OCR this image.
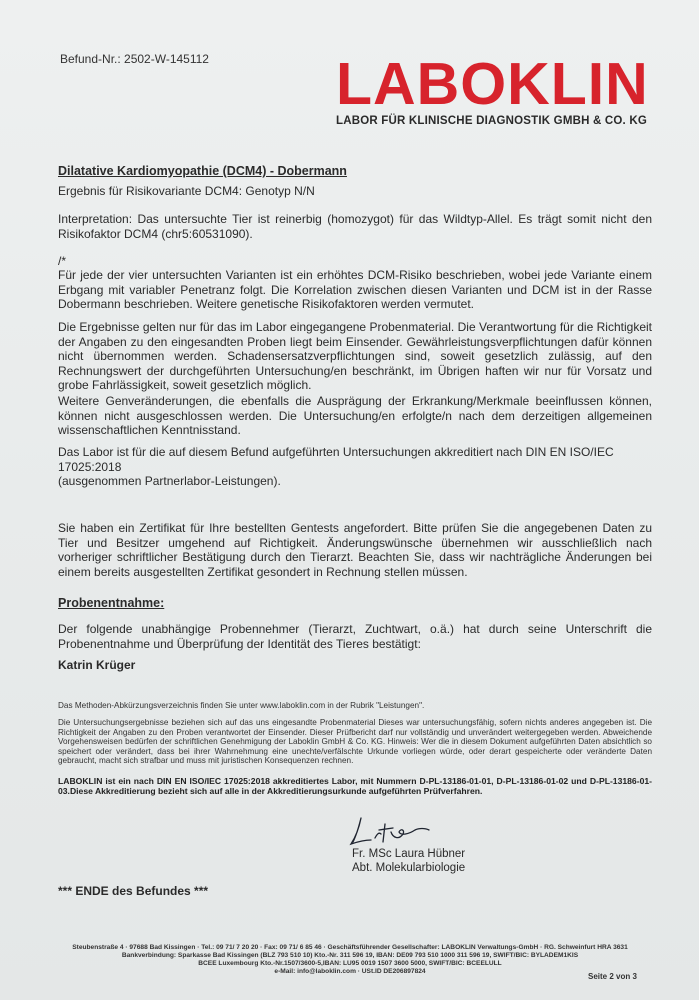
Befund-Nr.: 2502-W-145112 LABOKLIN
LABOR FÜR KLINISCHE DIAGNOSTIK GMBH & CO. KG
Dilatative Kardiomyopathie (DCM4) - Dobermann
Ergebnis für Risikovariante DCM4: Genotyp N/N
Interpretation: Das untersuchte Tier ist reinerbig (homozygot) für das Wildtyp-Allel. Es trägt somit nicht den Risikofaktor DCM4 (chr5:60531090).
/*
Für jede der vier untersuchten Varianten ist ein erhöhtes DCM-Risiko beschrieben, wobei jede Variante einem Erbgang mit variabler Penetranz folgt. Die Korrelation zwischen diesen Varianten und DCM ist in der Rasse Dobermann beschrieben. Weitere genetische Risikofaktoren werden vermutet.
Die Ergebnisse gelten nur für das im Labor eingegangene Probenmaterial. Die Verantwortung für die Richtigkeit der Angaben zu den eingesandten Proben liegt beim Einsender. Gewährleistungsverpflichtungen dafür können nicht übernommen werden. Schadensersatzverpflichtungen sind, soweit gesetzlich zulässig, auf den Rechnungswert der durchgeführten Untersuchung/en beschränkt, im Übrigen haften wir nur für Vorsatz und grobe Fahrlässigkeit, soweit gesetzlich möglich.
Weitere Genveränderungen, die ebenfalls die Ausprägung der Erkrankung/Merkmale beeinflussen können, können nicht ausgeschlossen werden. Die Untersuchung/en erfolgte/n nach dem derzeitigen allgemeinen wissenschaftlichen Kenntnisstand.
Das Labor ist für die auf diesem Befund aufgeführten Untersuchungen akkreditiert nach DIN EN ISO/IEC
17025:2018
(ausgenommen Partnerlabor-Leistungen).
Sie haben ein Zertifikat für Ihre bestellten Gentests angefordert. Bitte prüfen Sie die angegebenen Daten zu Tier und Besitzer umgehend auf Richtigkeit. Änderungswünsche übernehmen wir ausschließlich nach vorheriger schriftlicher Bestätigung durch den Tierarzt. Beachten Sie, dass wir nachträgliche Änderungen bei einem bereits ausgestellten Zertifikat gesondert in Rechnung stellen müssen.
Probenentnahme:
Der folgende unabhängige Probennehmer (Tierarzt, Zuchtwart, o.ä.) hat durch seine Unterschrift die Probenentnahme und Überprüfung der Identität des Tieres bestätigt:
Katrin Krüger
Das Methoden-Abkürzungsverzeichnis finden Sie unter www.laboklin.com in der Rubrik "Leistungen".
Die Untersuchungsergebnisse beziehen sich auf das uns eingesandte Probenmaterial Dieses war untersuchungsfähig, sofern nichts anderes angegeben ist. Die Richtigkeit der Angaben zu den Proben verantwortet der Einsender. Dieser Prüfbericht darf nur vollständig und unverändert weitergegeben werden. Abweichende Vorgehensweisen bedürfen der schriftlichen Genehmigung der Laboklin GmbH & Co. KG. Hinweis: Wer die in diesem Dokument aufgeführten Daten absichtlich so speichert oder verändert, dass bei ihrer Wahrnehmung eine unechte/verfälschte Urkunde vorliegen würde, oder derart gespeicherte oder veränderte Daten gebraucht, macht sich strafbar und muss mit juristischen Konsequenzen rechnen.
LABOKLIN ist ein nach DIN EN ISO/IEC 17025:2018 akkreditiertes Labor, mit Nummern D-PL-13186-01-01, D-PL-13186-01-02 und D-PL-13186-01-03.Diese Akkreditierung bezieht sich auf alle in der Akkreditierungsurkunde aufgeführten Prüfverfahren.
Fr. MSc Laura Hübner
Abt. Molekularbiologie
*** ENDE des Befundes ***
Steubenstraße 4 · 97688 Bad Kissingen · Tel.: 09 71/ 7 20 20 · Fax: 09 71/ 6 85 46 · Geschäftsführender Gesellschafter: LABOKLIN Verwaltungs-GmbH · RG. Schweinfurt HRA 3631
Bankverbindung: Sparkasse Bad Kissingen (BLZ 793 510 10) Kto.-Nr. 311 596 19, IBAN: DE09 793 510 1000 311 596 19, SWIFT/BIC: BYLADEM1KIS
BCEE Luxembourg Kto.-Nr.1507/3600-5,IBAN: LU95 0019 1507 3600 5000, SWIFT/BIC: BCEELULL
e-Mail: info@laboklin.com · USt.ID DE206897824
Seite 2 von 3
